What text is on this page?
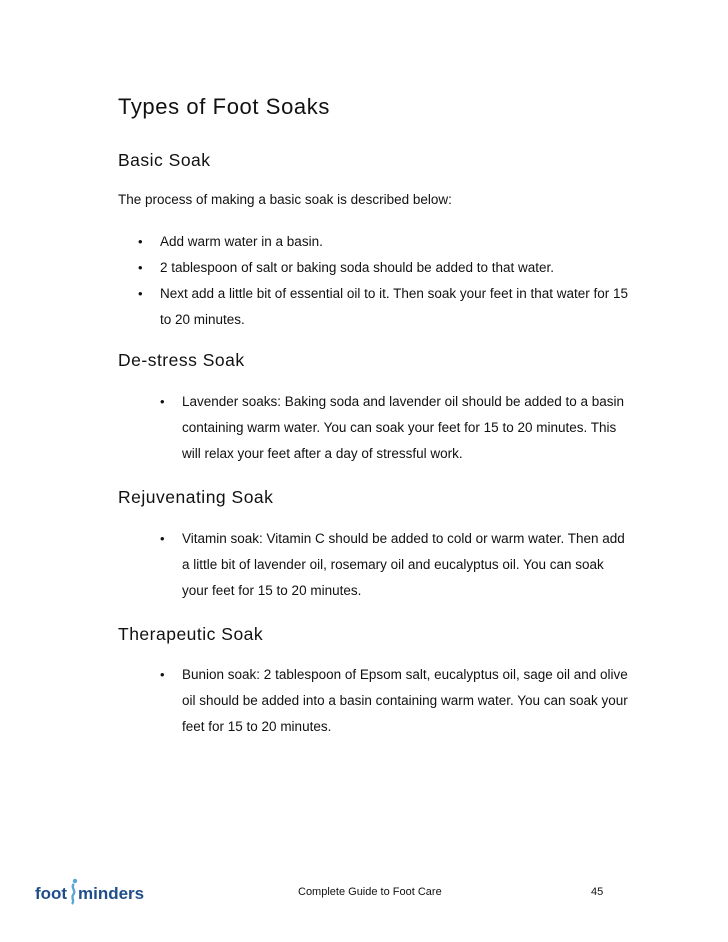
Types of Foot Soaks
Basic Soak

The process of making a basic soak is described below:

• Add warm water in a basin.
• 2 tablespoon of salt or baking soda should be added to that water.
• Next add a little bit of essential oil to it. Then soak your feet in that water for 15 to 20 minutes.
De-stress Soak
• Lavender soaks: Baking soda and lavender oil should be added to a basin containing warm water. You can soak your feet for 15 to 20 minutes. This will relax your feet after a day of stressful work.
Rejuvenating Soak
• Vitamin soak: Vitamin C should be added to cold or warm water. Then add a little bit of lavender oil, rosemary oil and eucalyptus oil. You can soak your feet for 15 to 20 minutes.
Therapeutic Soak
• Bunion soak: 2 tablespoon of Epsom salt, eucalyptus oil, sage oil and olive oil should be added into a basin containing warm water. You can soak your feet for 15 to 20 minutes.
foot minders	Complete Guide to Foot Care	45
